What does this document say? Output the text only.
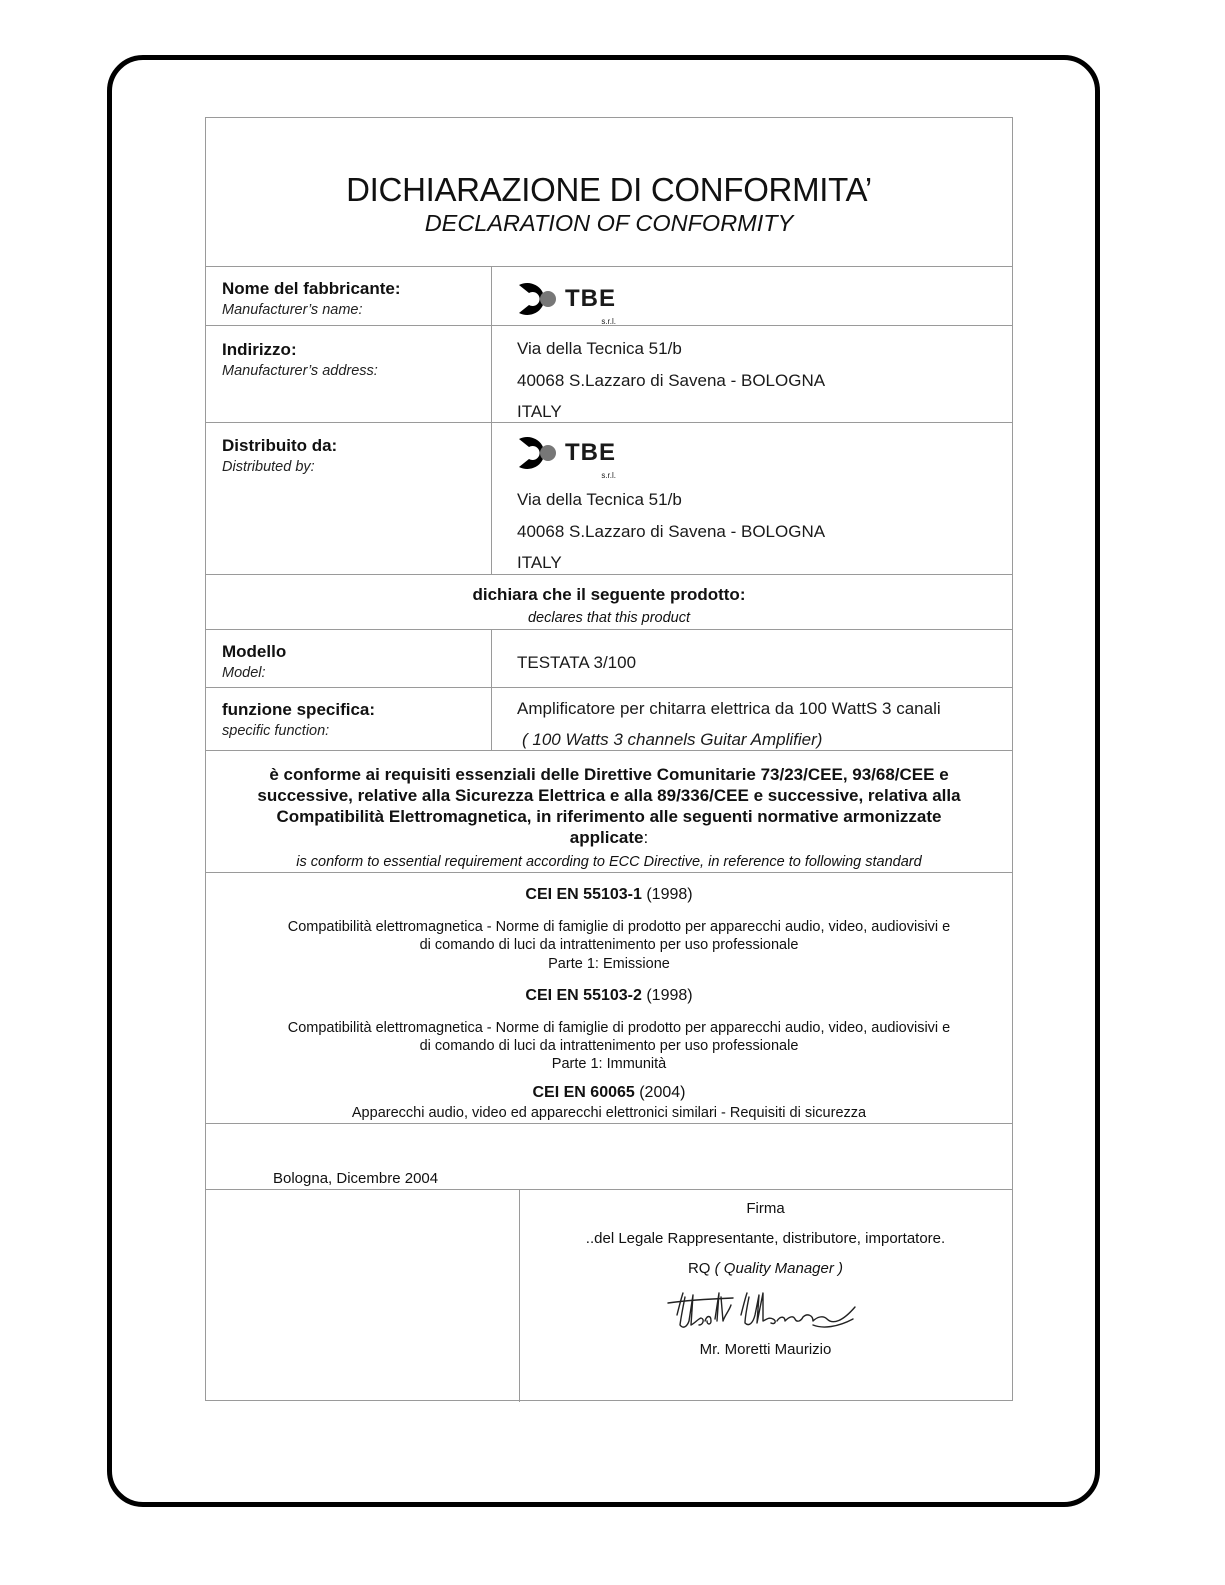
DICHIARAZIONE DI CONFORMITA’
DECLARATION OF CONFORMITY
Nome del fabbricante:
Manufacturer’s name:	TBE
s.r.l.
Indirizzo:
Manufacturer’s address:
Via della Tecnica 51/b
40068 S.Lazzaro di Savena - BOLOGNA
ITALY
Distribuito da:
Distributed by:
TBE
s.r.l.
Via della Tecnica 51/b
40068 S.Lazzaro di Savena - BOLOGNA
ITALY
dichiara che il seguente prodotto:
declares that this product
Modello
Model:
TESTATA 3/100
funzione specifica:
specific function:
Amplificatore per chitarra elettrica da 100 WattS 3 canali
( 100 Watts 3 channels Guitar Amplifier)
è conforme ai requisiti essenziali delle Direttive Comunitarie 73/23/CEE, 93/68/CEE e
successive, relative alla Sicurezza Elettrica e alla 89/336/CEE e successive, relativa alla
Compatibilità Elettromagnetica, in riferimento alle seguenti normative armonizzate
applicate:
is conform to essential requirement according to ECC Directive, in reference to following standard
CEI EN 55103-1 (1998)
Compatibilità elettromagnetica - Norme di famiglie di prodotto per apparecchi audio, video, audiovisivi e
di comando di luci da intrattenimento per uso professionale
Parte 1: Emissione
CEI EN 55103-2 (1998)
Compatibilità elettromagnetica - Norme di famiglie di prodotto per apparecchi audio, video, audiovisivi e
di comando di luci da intrattenimento per uso professionale
Parte 1: Immunità
CEI EN 60065 (2004)
Apparecchi audio, video ed apparecchi elettronici similari - Requisiti di sicurezza
Bologna, Dicembre 2004
Firma
..del Legale Rappresentante, distributore, importatore.
RQ ( Quality Manager )
Mr. Moretti Maurizio
